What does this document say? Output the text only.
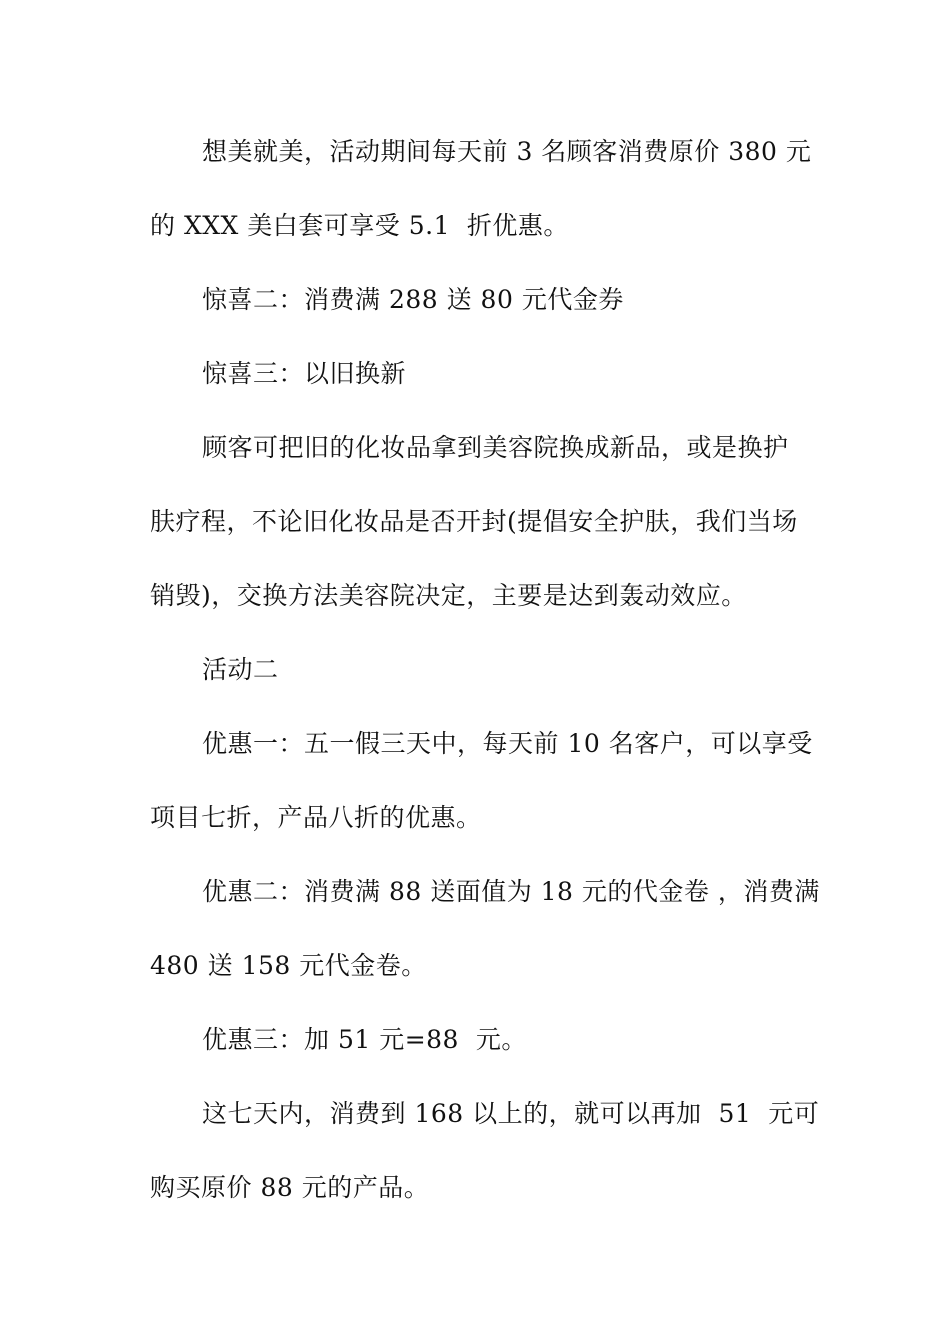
想美就美，活动期间每天前 3 名顾客消费原价 380 元
的 XXX 美白套可享受 5.1  折优惠。
惊喜二：消费满 288 送 80 元代金券
惊喜三：以旧换新
顾客可把旧的化妆品拿到美容院换成新品，或是换护
肤疗程，不论旧化妆品是否开封(提倡安全护肤，我们当场
销毁)，交换方法美容院决定，主要是达到轰动效应。
活动二
优惠一：五一假三天中，每天前 10 名客户，可以享受
项目七折，产品八折的优惠。
优惠二：消费满 88 送面值为 18 元的代金卷 ，消费满
480 送 158 元代金卷。
优惠三：加 51 元=88  元。
这七天内，消费到 168 以上的，就可以再加  51  元可
购买原价 88 元的产品。
